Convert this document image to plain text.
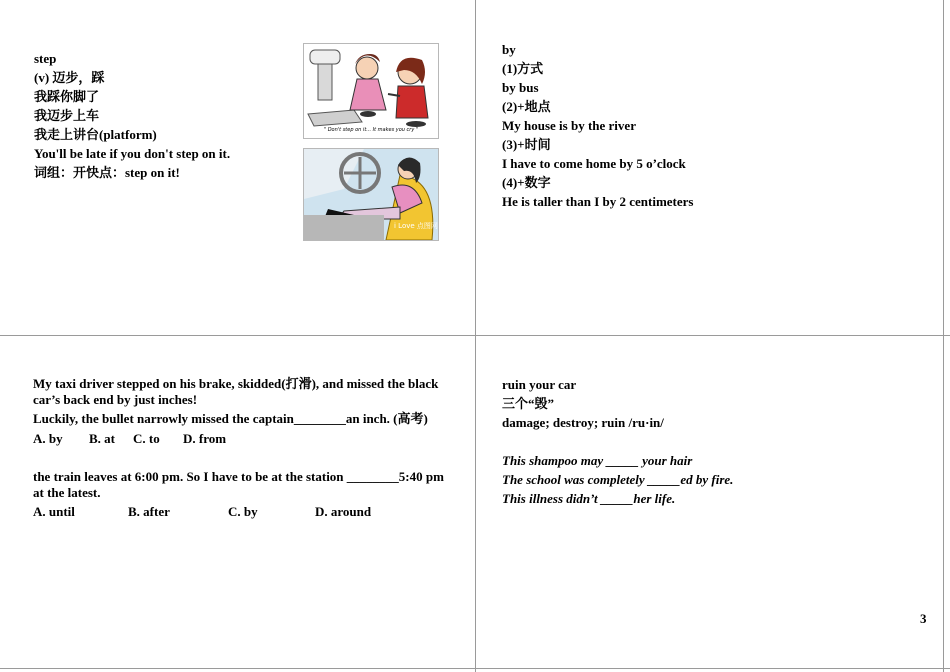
step
(v) 迈步，踩
我踩你脚了
我迈步上车
我走上讲台(platform)
You'll be late if you don't step on it.
词组：开快点：step on it!
" Don't step on it... It makes you cry "
i Love 点图网
by
(1)方式
by bus
(2)+地点
My house is by the river
(3)+时间
I have to come home by 5 o’clock
(4)+数字
He is taller than I by 2 centimeters
My taxi driver stepped on his brake, skidded(打滑), and missed the black
car’s back end by just inches!
Luckily, the bullet narrowly missed the captain________an inch. (高考)
A. by B. at C. to D. from
the train leaves at 6:00 pm. So I have to be at the station ________5:40 pm
at the latest.
A. until	B. after	C. by	D. around
ruin your car
三个“毁”
damage; destroy; ruin /ru·in/
This shampoo may _____ your hair
The school was completely _____ed by fire.
This illness didn’t _____her life.
3
